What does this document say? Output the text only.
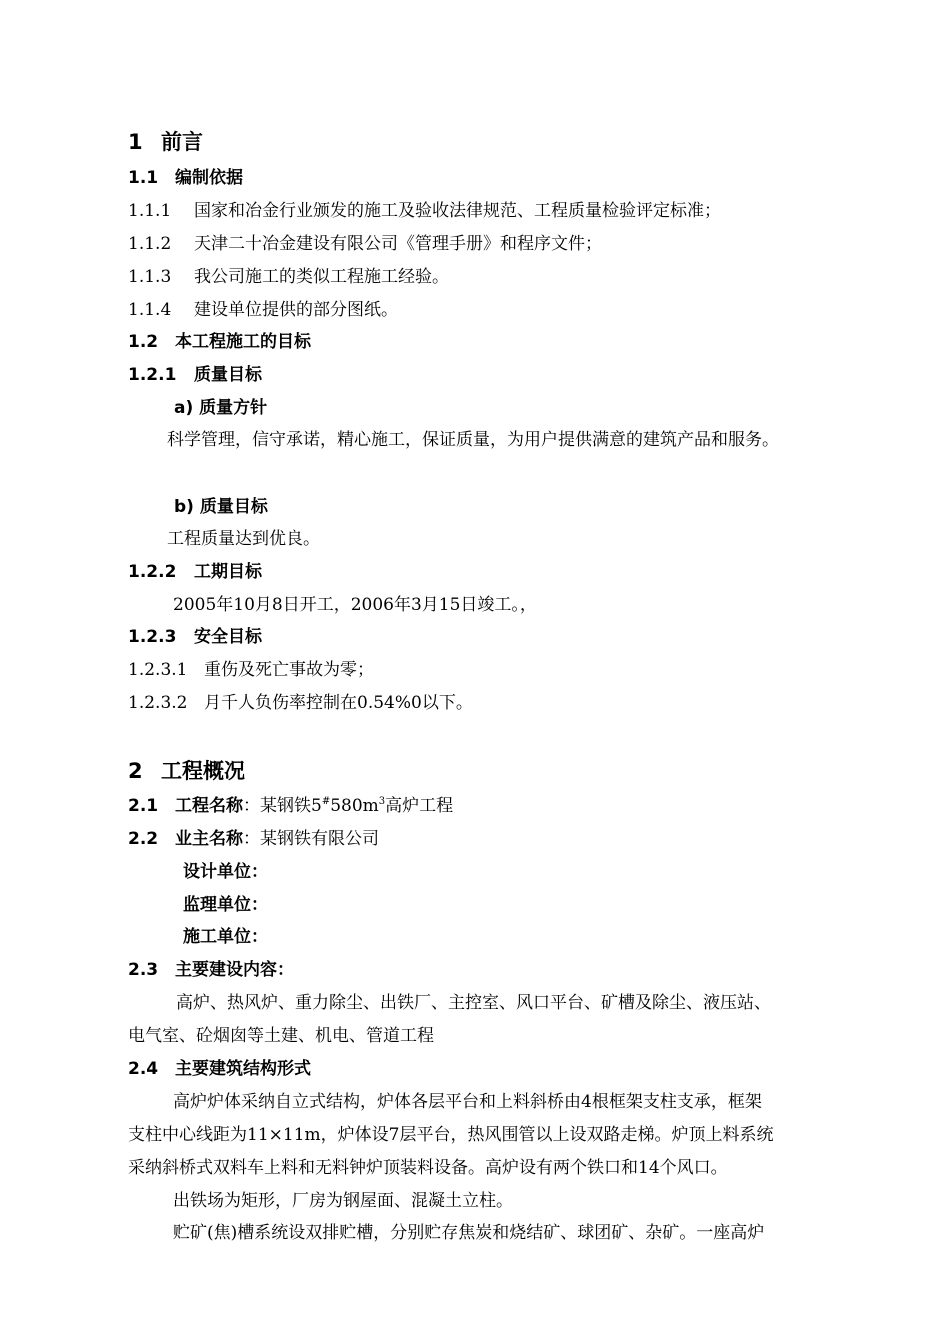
1 前言
1.1 编制依据
1.1.1 国家和冶金行业颁发的施工及验收法律规范、工程质量检验评定标准；
1.1.2 天津二十冶金建设有限公司《管理手册》和程序文件；
1.1.3 我公司施工的类似工程施工经验。
1.1.4 建设单位提供的部分图纸。
1.2 本工程施工的目标
1.2.1 质量目标
a) 质量方针
科学管理，信守承诺，精心施工，保证质量，为用户提供满意的建筑产品和服务。
b) 质量目标
工程质量达到优良。
1.2.2 工期目标
2005年10月8日开工，2006年3月15日竣工。，
1.2.3 安全目标
1.2.3.1 重伤及死亡事故为零；
1.2.3.2 月千人负伤率控制在0.54%0以下。
2 工程概况
2.1 工程名称：某钢铁$5^{\#}580m^3$高炉工程
2.2 业主名称：某钢铁有限公司
设计单位：
监理单位：
施工单位：
2.3 主要建设内容：
高炉、热风炉、重力除尘、出铁厂、主控室、风口平台、矿槽及除尘、液压站、
电气室、砼烟囱等土建、机电、管道工程
2.4 主要建筑结构形式
高炉炉体采纳自立式结构，炉体各层平台和上料斜桥由4根框架支柱支承，框架
支柱中心线距为11×11m，炉体设7层平台，热风围管以上设双路走梯。炉顶上料系统
采纳斜桥式双料车上料和无料钟炉顶装料设备。高炉设有两个铁口和14个风口。
出铁场为矩形，厂房为钢屋面、混凝土立柱。
贮矿(焦)槽系统设双排贮槽，分别贮存焦炭和烧结矿、球团矿、杂矿。一座高炉
